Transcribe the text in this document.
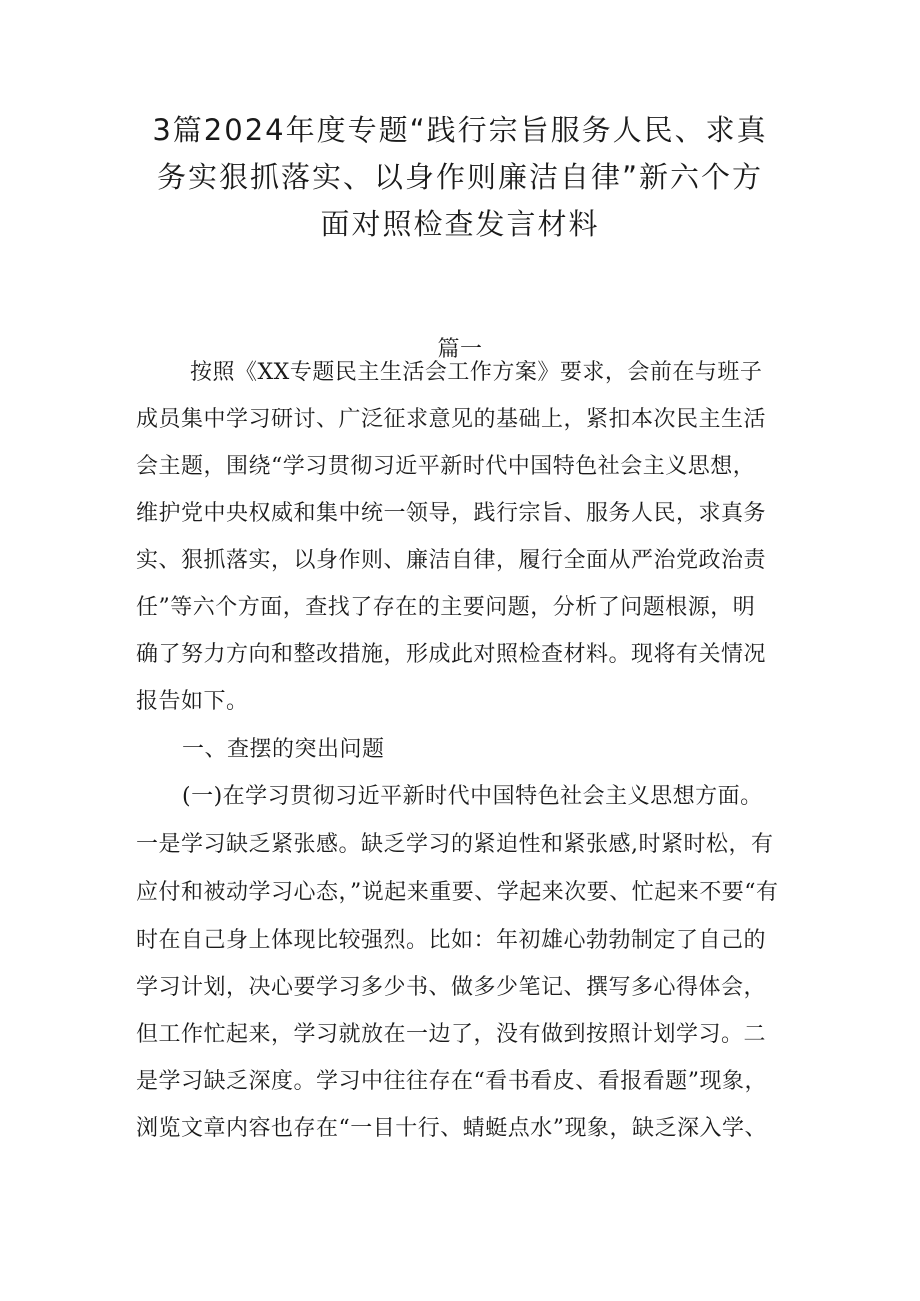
3篇2024年度专题“践行宗旨服务人民、求真
务实狠抓落实、以身作则廉洁自律”新六个方
面对照检查发言材料
篇一
按照《XX专题民主生活会工作方案》要求，会前在与班子
成员集中学习研讨、广泛征求意见的基础上，紧扣本次民主生活
会主题，围绕“学习贯彻习近平新时代中国特色社会主义思想，
维护党中央权威和集中统一领导，践行宗旨、服务人民，求真务
实、狠抓落实，以身作则、廉洁自律，履行全面从严治党政治责
任”等六个方面，查找了存在的主要问题，分析了问题根源，明
确了努力方向和整改措施，形成此对照检查材料。现将有关情况
报告如下。
一、查摆的突出问题
(一)在学习贯彻习近平新时代中国特色社会主义思想方面。
一是学习缺乏紧张感。缺乏学习的紧迫性和紧张感,时紧时松，有
应付和被动学习心态，”说起来重要、学起来次要、忙起来不要“有
时在自己身上体现比较强烈。比如：年初雄心勃勃制定了自己的
学习计划，决心要学习多少书、做多少笔记、撰写多心得体会，
但工作忙起来，学习就放在一边了，没有做到按照计划学习。二
是学习缺乏深度。学习中往往存在“看书看皮、看报看题”现象，
浏览文章内容也存在“一目十行、蜻蜓点水”现象，缺乏深入学、
